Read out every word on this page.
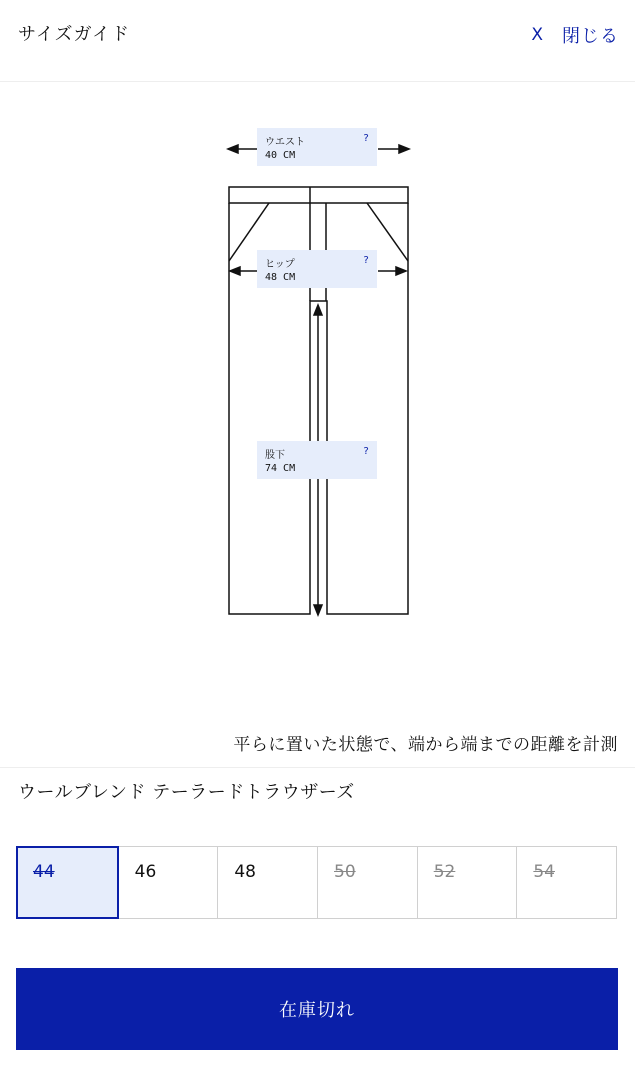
サイズガイド	X 閉じる
ウエスト	?
40 CM
ヒップ	?
48 CM
股下	?
74 CM
平らに置いた状態で、端から端までの距離を計測
ウールブレンド テーラードトラウザーズ
44	46	48	50	52	54
在庫切れ
